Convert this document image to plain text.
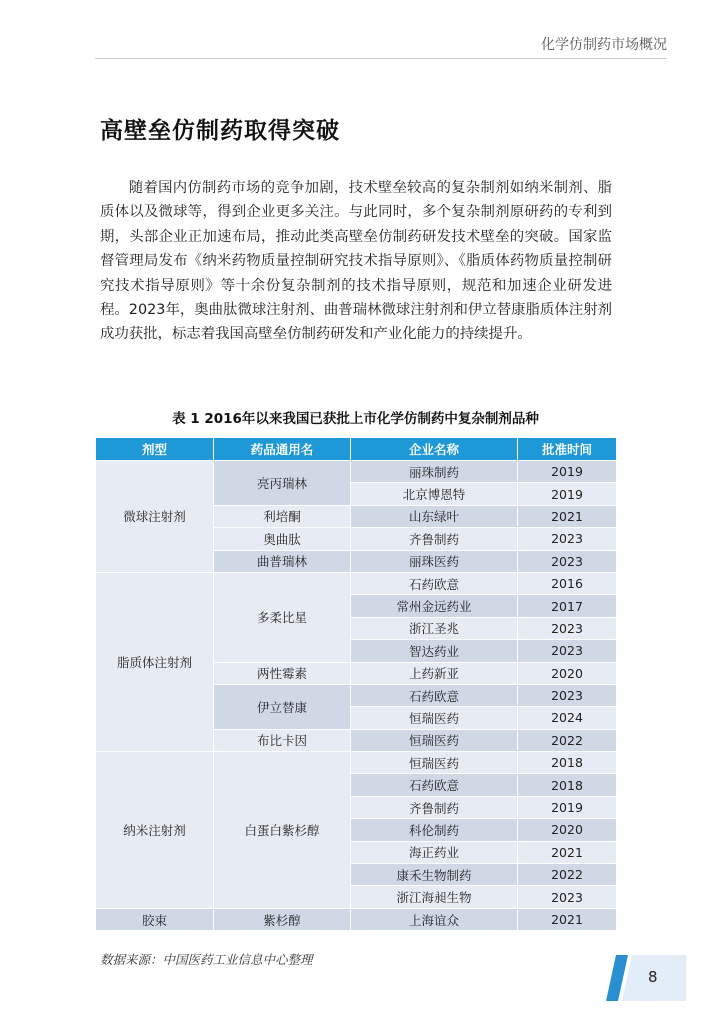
化学仿制药市场概况
高壁垒仿制药取得突破

随着国内仿制药市场的竞争加剧，技术壁垒较高的复杂制剂如纳米制剂、脂质体以及微球等，得到企业更多关注。与此同时，多个复杂制剂原研药的专利到期，头部企业正加速布局，推动此类高壁垒仿制药研发技术壁垒的突破。国家监督管理局发布《纳米药物质量控制研究技术指导原则》、《脂质体药物质量控制研究技术指导原则》等十余份复杂制剂的技术指导原则，规范和加速企业研发进程。2023年，奥曲肽微球注射剂、曲普瑞林微球注射剂和伊立替康脂质体注射剂成功获批，标志着我国高壁垒仿制药研发和产业化能力的持续提升。

表 1 2016年以来我国已获批上市化学仿制药中复杂制剂品种
剂型	药品通用名	企业名称	批准时间
微球注射剂	亮丙瑞林	丽珠制药	2019
		北京博恩特	2019
	利培酮	山东绿叶	2021
	奥曲肽	齐鲁制药	2023
	曲普瑞林	丽珠医药	2023
脂质体注射剂	多柔比星	石药欧意	2016
		常州金远药业	2017
		浙江圣兆	2023
		智达药业	2023
	两性霉素	上药新亚	2020
	伊立替康	石药欧意	2023
		恒瑞医药	2024
	布比卡因	恒瑞医药	2022
纳米注射剂	白蛋白紫杉醇	恒瑞医药	2018
		石药欧意	2018
		齐鲁制药	2019
		科伦制药	2020
		海正药业	2021
		康禾生物制药	2022
		浙江海昶生物	2023
胶束	紫杉醇	上海谊众	2021
数据来源：中国医药工业信息中心整理
8
